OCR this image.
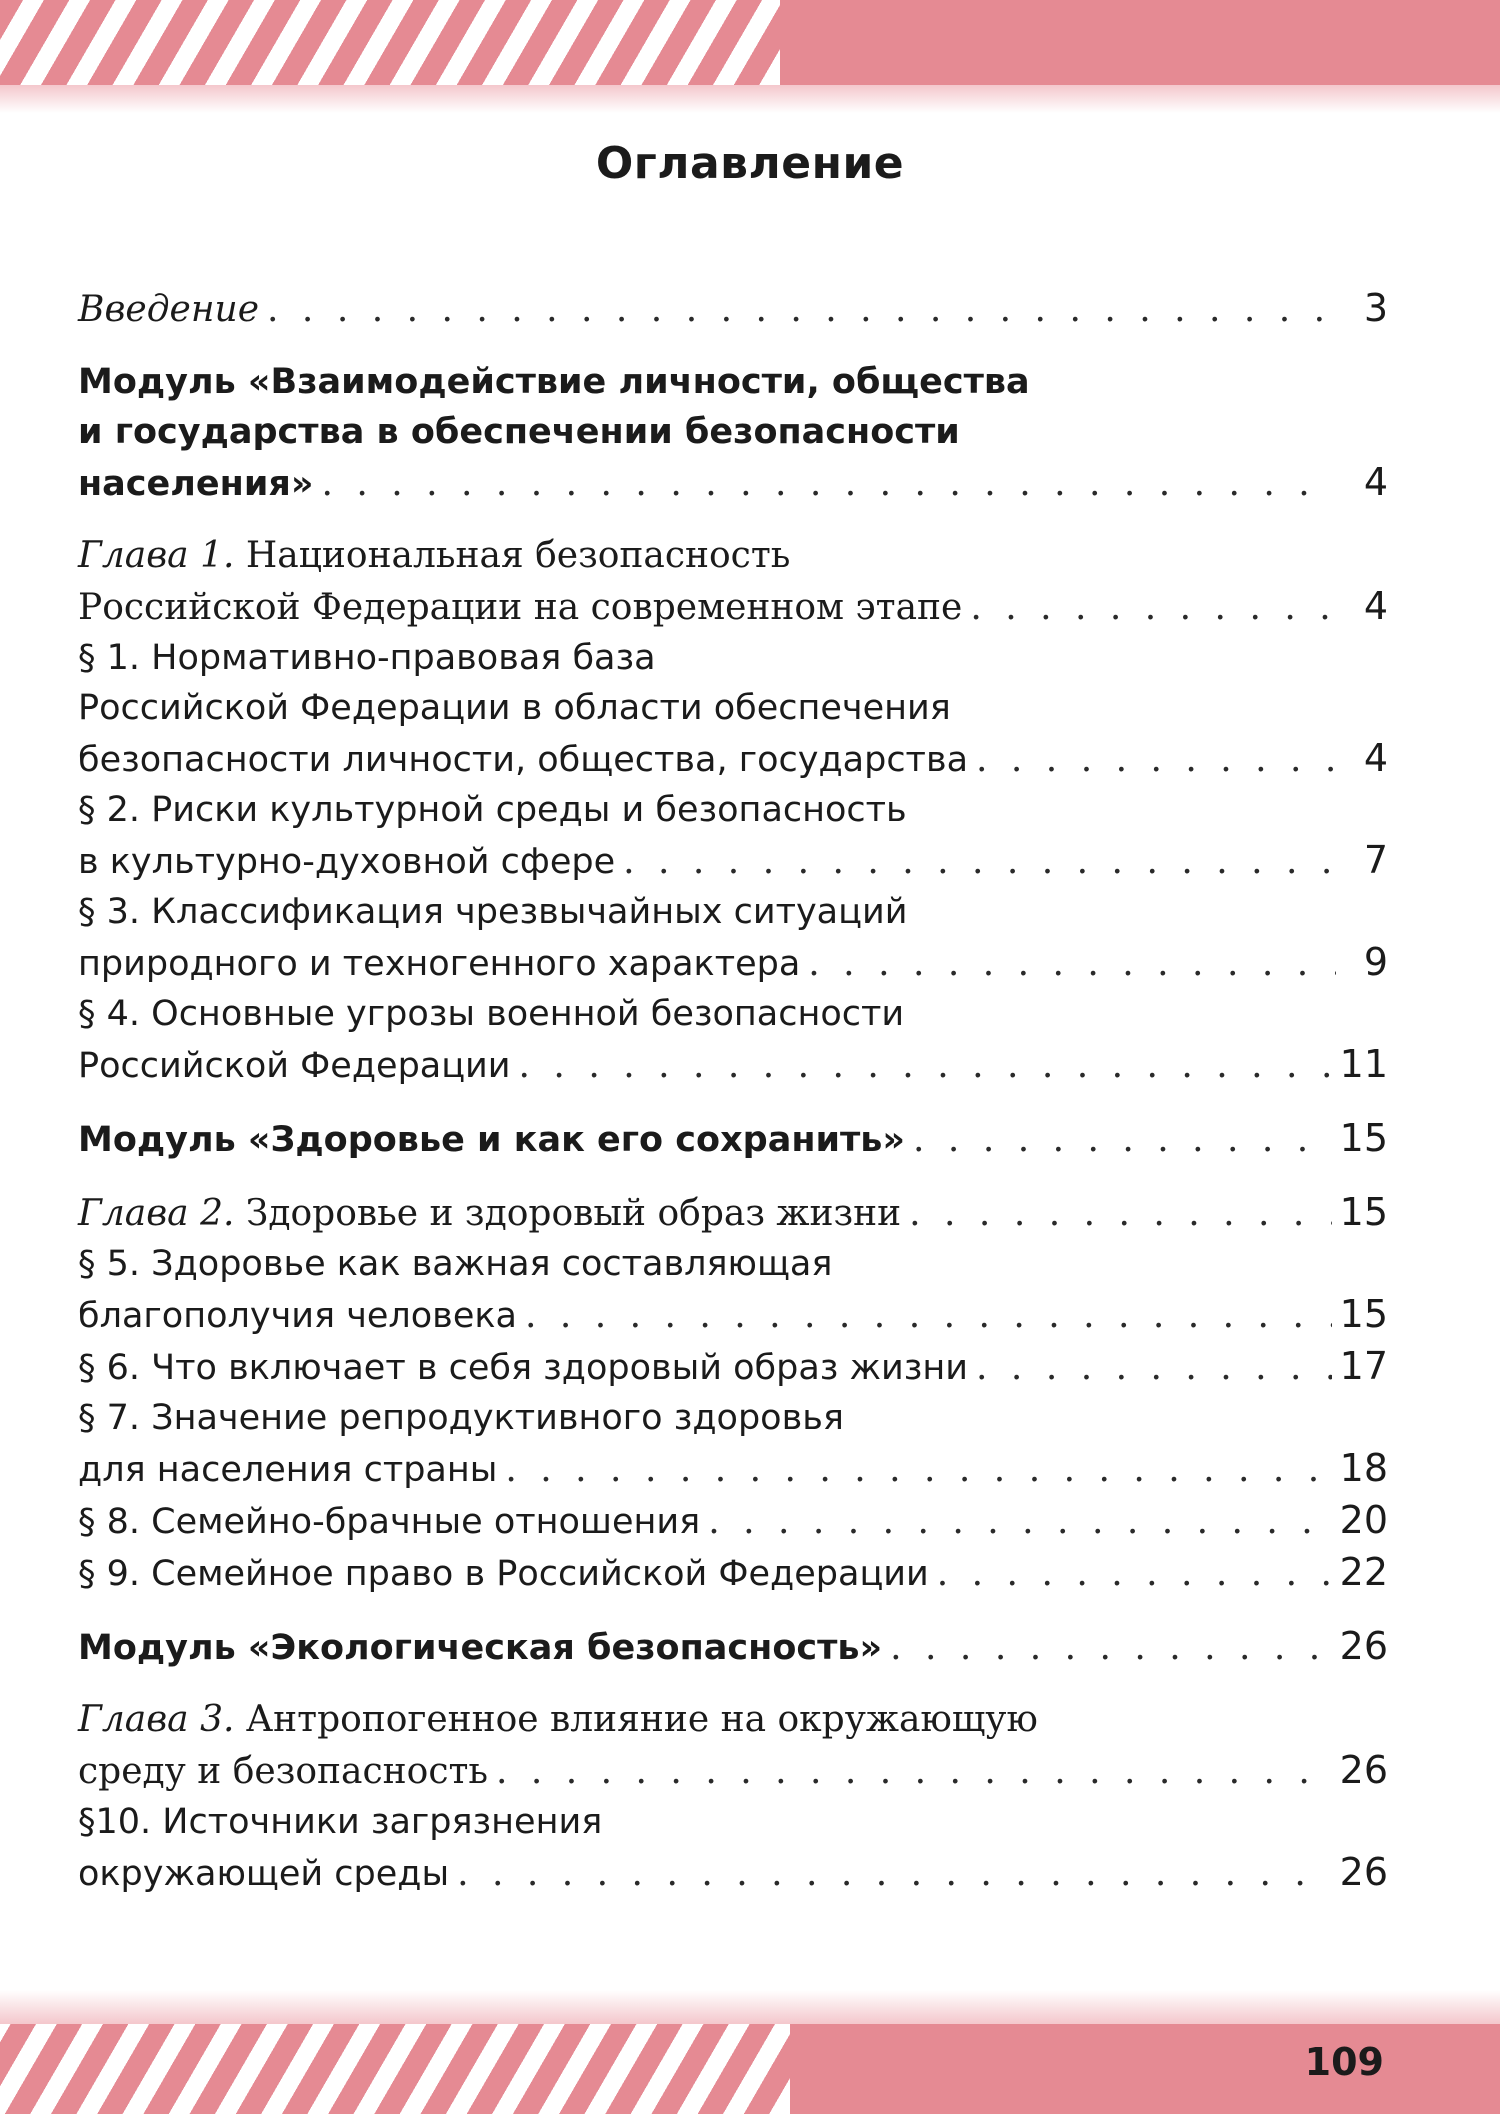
Оглавление
Введение . . .	3
Модуль «Взаимодействие личности, общества
и государства в обеспечении безопасности
населения» . . .	4
Глава 1. Национальная безопасность
Российской Федерации на современном этапе . . .	4
§ 1. Нормативно-правовая база
Российской Федерации в области обеспечения
безопасности личности, общества, государства . . .	4
§ 2. Риски культурной среды и безопасность
в культурно-духовной сфере . . .	7
§ 3. Классификация чрезвычайных ситуаций
природного и техногенного характера . . .	9
§ 4. Основные угрозы военной безопасности
Российской Федерации . . .	11
Модуль «Здоровье и как его сохранить» . . .	15
Глава 2.
Здоровье и здоровый образ жизни . . .	15
§ 5. Здоровье как важная составляющая
благополучия человека . . .	15
§ 6. Что включает в себя здоровый образ жизни . . .	17
§ 7. Значение репродуктивного здоровья
для населения страны . . .	18
§ 8. Семейно-брачные отношения . . .	20
§ 9. Семейное право в Российской Федерации . . .	22
Модуль «Экологическая безопасность» . . .	26
Глава 3. Антропогенное влияние на окружающую
среду и безопасность . . .	26
§10. Источники загрязнения
окружающей среды . . .	26
109
